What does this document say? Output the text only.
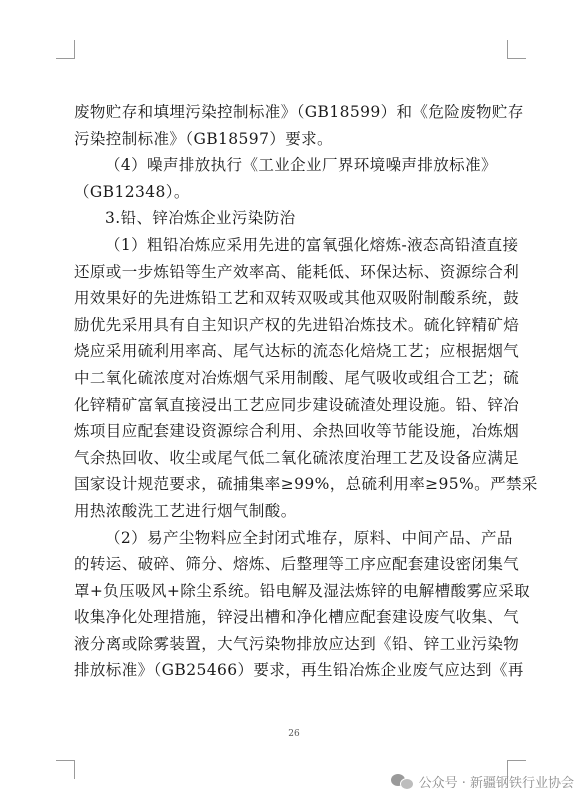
废物贮存和填埋污染控制标准》（GB18599）和《危险废物贮存
污染控制标准》（GB18597）要求。
（4）噪声排放执行《工业企业厂界环境噪声排放标准》
（GB12348）。
3.铅、锌冶炼企业污染防治
（1）粗铅冶炼应采用先进的富氧强化熔炼-液态高铅渣直接
还原或一步炼铅等生产效率高、能耗低、环保达标、资源综合利
用效果好的先进炼铅工艺和双转双吸或其他双吸附制酸系统，鼓
励优先采用具有自主知识产权的先进铅冶炼技术。硫化锌精矿焙
烧应采用硫利用率高、尾气达标的流态化焙烧工艺；应根据烟气
中二氧化硫浓度对冶炼烟气采用制酸、尾气吸收或组合工艺；硫
化锌精矿富氧直接浸出工艺应同步建设硫渣处理设施。铅、锌冶
炼项目应配套建设资源综合利用、余热回收等节能设施，冶炼烟
气余热回收、收尘或尾气低二氧化硫浓度治理工艺及设备应满足
国家设计规范要求，硫捕集率≥99%，总硫利用率≥95%。严禁采
用热浓酸洗工艺进行烟气制酸。
（2）易产尘物料应全封闭式堆存，原料、中间产品、产品
的转运、破碎、筛分、熔炼、后整理等工序应配套建设密闭集气
罩+负压吸风+除尘系统。铅电解及湿法炼锌的电解槽酸雾应采取
收集净化处理措施，锌浸出槽和净化槽应配套建设废气收集、气
液分离或除雾装置，大气污染物排放应达到《铅、锌工业污染物
排放标准》（GB25466）要求，再生铅冶炼企业废气应达到《再
26
公众号 · 新疆钢铁行业协会
